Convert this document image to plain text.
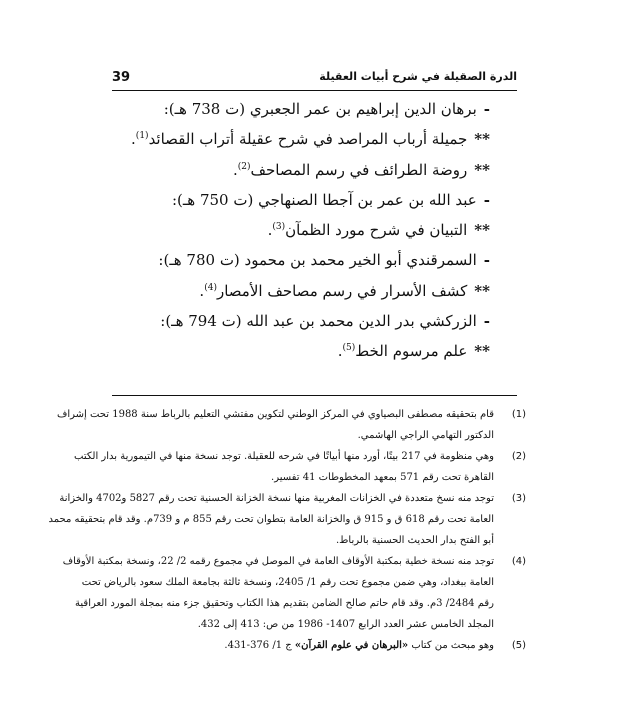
39	الدرة الصقيلة في شرح أبيات العقيلة
-برهان الدين إبراهيم بن عمر الجعبري (ت 738 هـ):
**جميلة أرباب المراصد في شرح عقيلة أتراب القصائد$^{(1)}$.
**روضة الطرائف في رسم المصاحف$^{(2)}$.
-عبد الله بن عمر بن آجطا الصنهاجي (ت 750 هـ):
**التبيان في شرح مورد الظمآن$^{(3)}$.
-السمرقندي أبو الخير محمد بن محمود (ت 780 هـ):
**كشف الأسرار في رسم مصاحف الأمصار$^{(4)}$.
-الزركشي بدر الدين محمد بن عبد الله (ت 794 هـ):
**علم مرسوم الخط$^{(5)}$.
(1)
قام بتحقيقه مصطفى البصياوي في المركز الوطني لتكوين مفتشي التعليم بالرباط سنة 1988 تحت إشراف
الدكتور التهامي الراجي الهاشمي.
(2)
وهي منظومة في 217 بيتًا، أورد منها أبياتًا في شرحه للعقيلة. توجد نسخة منها في التيمورية بدار الكتب
القاهرة تحت رقم 571 بمعهد المخطوطات 41 تفسير.
(3)
توجد منه نسخ متعددة في الخزانات المغربية منها نسخة الخزانة الحسنية تحت رقم 5827 و4702 والخزانة
العامة تحت رقم 618 ق و 915 ق والخزانة العامة بتطوان تحت رقم 855 م و 739م. وقد قام بتحقيقه محمد
أبو الفتح بدار الحديث الحسنية بالرباط.
(4)
توجد منه نسخة خطية بمكتبة الأوقاف العامة في الموصل في مجموع رقمه 2/ 22، ونسخة بمكتبة الأوقاف
العامة ببغداد، وهي ضمن مجموع تحت رقم 1/ 2405، ونسخة ثالثة بجامعة الملك سعود بالرياض تحت
رقم 2484/ 3م. وقد قام حاتم صالح الضامن بتقديم هذا الكتاب وتحقيق جزء منه بمجلة المورد العراقية
المجلد الخامس عشر العدد الرابع 1407- 1986 من ص: 413 إلى 432.
(5)
وهو مبحث من كتاب «البرهان في علوم القرآن» ج 1/ 376-431.
